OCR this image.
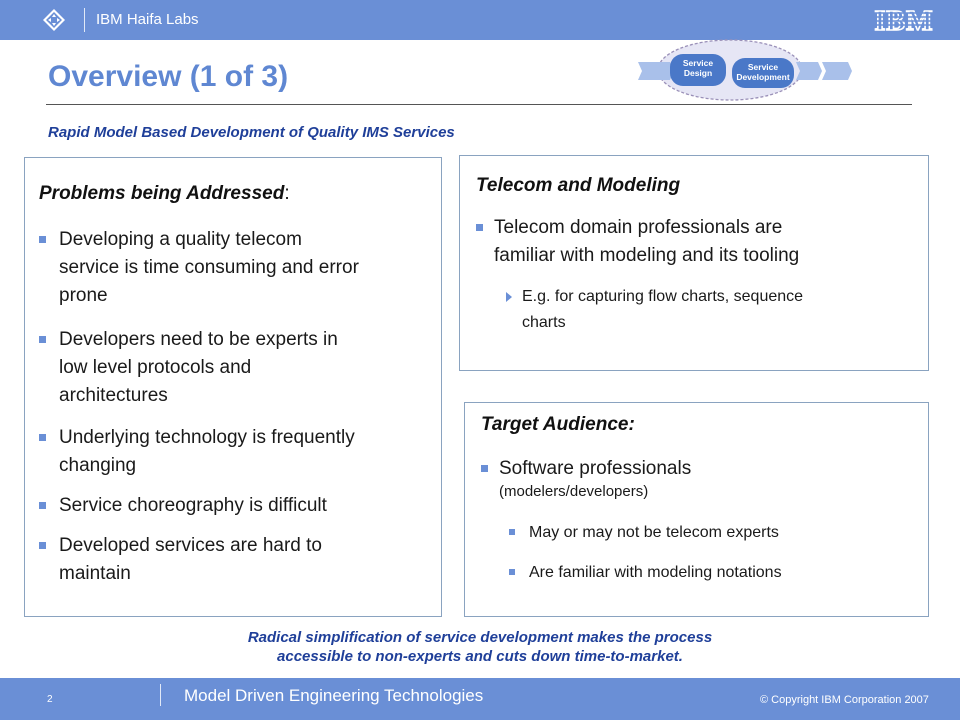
IBM Haifa Labs	IBM
Overview (1 of 3)
Rapid Model Based Development of Quality IMS Services
Service
Design
Service
Development
Problems being Addressed:
Developing a quality telecom
service is time consuming and error
prone
Developers need to be experts in
low level protocols and
architectures
Underlying technology is frequently
changing
Service choreography is difficult
Developed services are hard to
maintain
Telecom and Modeling
Telecom domain professionals are
familiar with modeling and its tooling
E.g. for capturing flow charts, sequence
charts
Target Audience:
Software professionals
(modelers/developers)
May or may not be telecom experts
Are familiar with modeling notations
Radical simplification of service development makes the process
accessible to non-experts and cuts down time-to-market.
2	Model Driven Engineering Technologies	© Copyright IBM Corporation 2007
